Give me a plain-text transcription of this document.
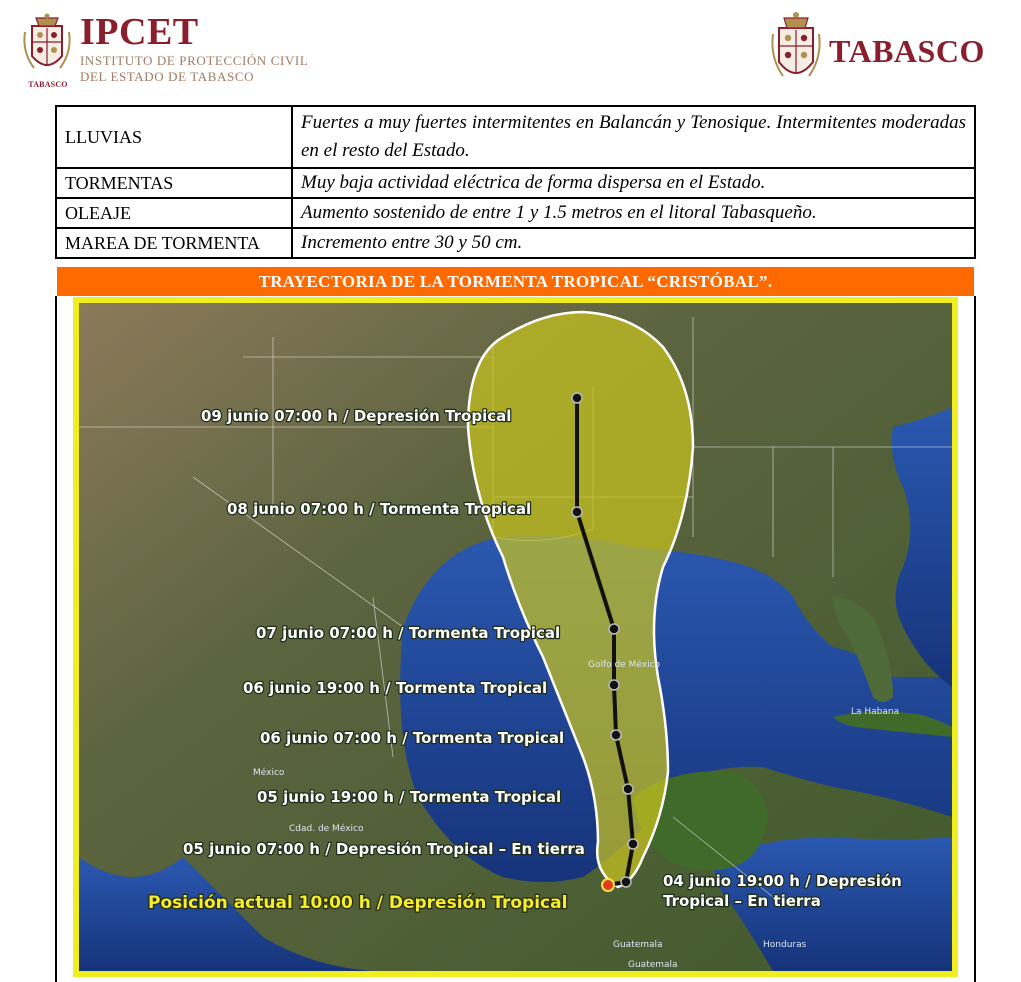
TABASCO
IPCET
INSTITUTO DE PROTECCIÓN CIVIL
DEL ESTADO DE TABASCO
TABASCO
LLUVIAS	Fuertes a muy fuertes intermitentes en Balancán y Tenosique. Intermitentes moderadas en el resto del Estado.
TORMENTAS	Muy baja actividad eléctrica de forma dispersa en el Estado.
OLEAJE	Aumento sostenido de entre 1 y 1.5 metros en el litoral Tabasqueño.
MAREA DE TORMENTA	Incremento entre 30 y 50 cm.
TRAYECTORIA DE LA TORMENTA TROPICAL “CRISTÓBAL”.
Golfo de México
La Habana
México
Cdad. de México
Guatemala
Guatemala
Honduras
09 junio 07:00 h / Depresión Tropical
08 junio 07:00 h / Tormenta Tropical
07 junio 07:00 h / Tormenta Tropical
06 junio 19:00 h / Tormenta Tropical
06 junio 07:00 h / Tormenta Tropical
05 junio 19:00 h / Tormenta Tropical
05 junio 07:00 h / Depresión Tropical – En tierra
04 junio 19:00 h / Depresión
Tropical – En tierra
Posición actual 10:00 h / Depresión Tropical
